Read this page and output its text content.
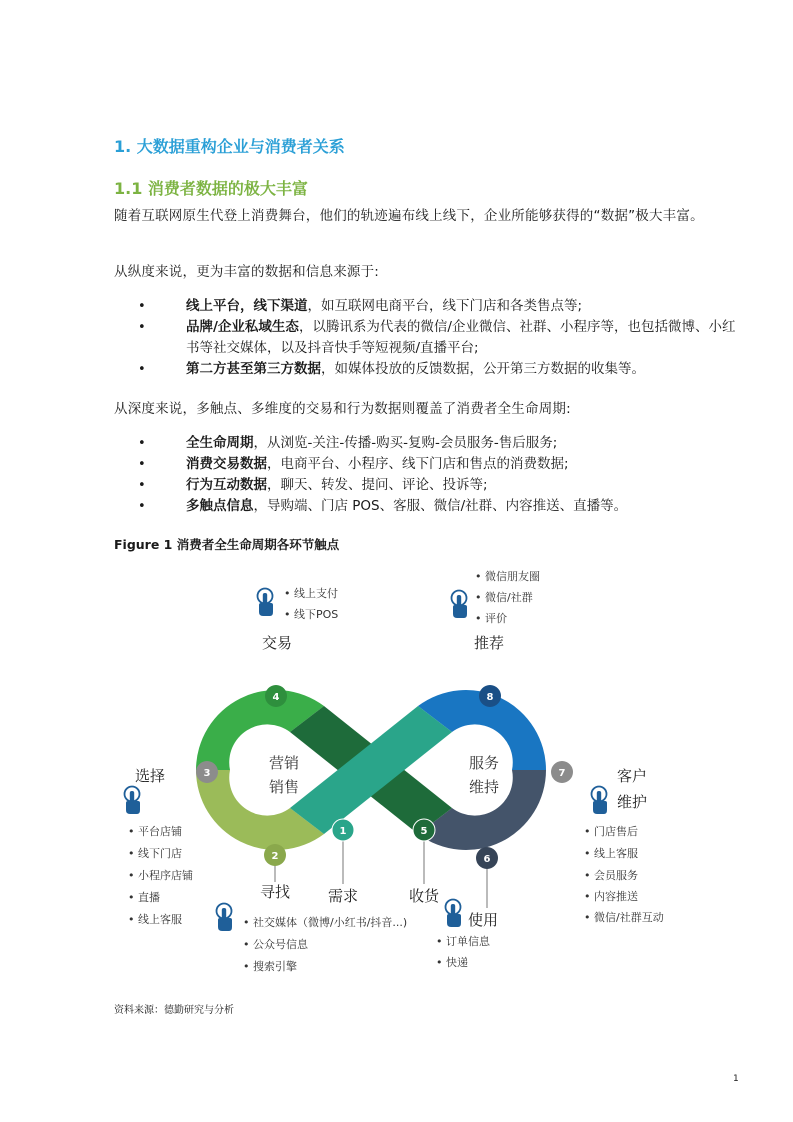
1. 大数据重构企业与消费者关系
1.1 消费者数据的极大丰富
随着互联网原生代登上消费舞台，他们的轨迹遍布线上线下，企业所能够获得的“数据”极大丰富。
从纵度来说，更为丰富的数据和信息来源于:
•	线上平台，线下渠道，如互联网电商平台，线下门店和各类售点等;
•	品牌/企业私域生态，以腾讯系为代表的微信/企业微信、社群、小程序等，也包括微博、小红书等社交媒体，以及抖音快手等短视频/直播平台;
•	第二方甚至第三方数据，如媒体投放的反馈数据，公开第三方数据的收集等。
从深度来说，多触点、多维度的交易和行为数据则覆盖了消费者全生命周期:
•	全生命周期，从浏览-关注-传播-购买-复购-会员服务-售后服务;
•	消费交易数据，电商平台、小程序、线下门店和售点的消费数据;
•	行为互动数据，聊天、转发、提问、评论、投诉等;
•	多触点信息，导购端、门店 POS、客服、微信/社群、内容推送、直播等。
Figure 1 消费者全生命周期各环节触点
营销
销售
服务
维持
1
2
3
4
5
6
7
8
需求
寻找
选择
交易
收货
使用
客户
维护
推荐
• 线上支付
• 线下POS
• 微信朋友圈
• 微信/社群
• 评价
• 平台店铺
• 线下门店
• 小程序店铺
• 直播
• 线上客服	• 社交媒体（微博/小红书/抖音...)
• 公众号信息
• 搜索引擎
• 订单信息
• 快递
• 门店售后
• 线上客服
• 会员服务
• 内容推送
• 微信/社群互动
资料来源：德勤研究与分析
1
